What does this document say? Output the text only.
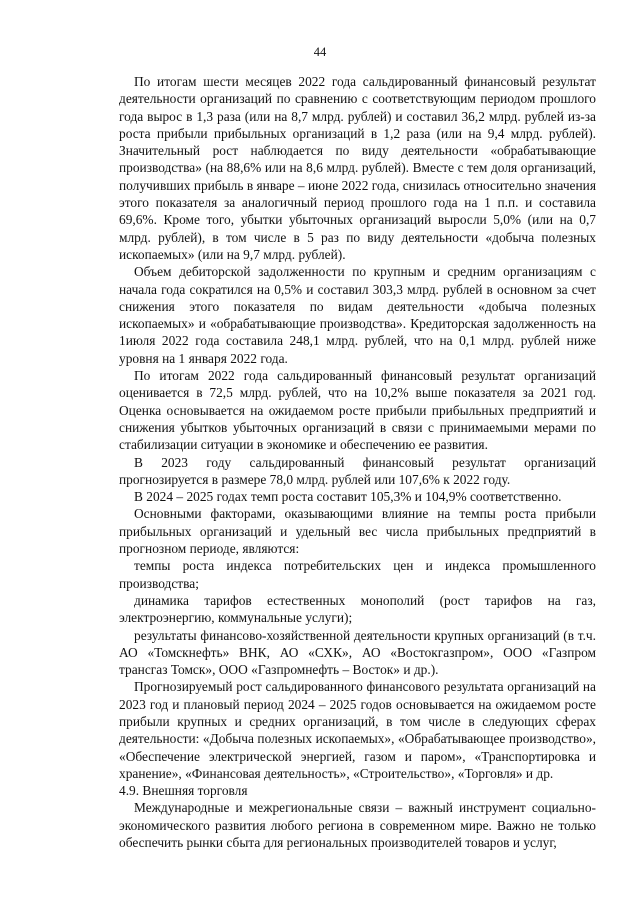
44

По итогам шести месяцев 2022 года сальдированный финансовый результат деятельности организаций по сравнению с соответствующим периодом прошлого года вырос в 1,3 раза (или на 8,7 млрд. рублей) и составил 36,2 млрд. рублей из-за роста прибыли прибыльных организаций в 1,2 раза (или на 9,4 млрд. рублей). Значительный рост наблюдается по виду деятельности «обрабатывающие производства» (на 88,6% или на 8,6 млрд. рублей). Вместе с тем доля организаций, получивших прибыль в январе – июне 2022 года, снизилась относительно значения этого показателя за аналогичный период прошлого года на 1 п.п. и составила 69,6%. Кроме того, убытки убыточных организаций выросли 5,0% (или на 0,7 млрд. рублей), в том числе в 5 раз по виду деятельности «добыча полезных ископаемых» (или на 9,7 млрд. рублей).

Объем дебиторской задолженности по крупным и средним организациям с начала года сократился на 0,5% и составил 303,3 млрд. рублей в основном за счет снижения этого показателя по видам деятельности «добыча полезных ископаемых» и «обрабатывающие производства». Кредиторская задолженность на 1июля 2022 года составила 248,1 млрд. рублей, что на 0,1 млрд. рублей ниже уровня на 1 января 2022 года.

По итогам 2022 года сальдированный финансовый результат организаций оценивается в 72,5 млрд. рублей, что на 10,2% выше показателя за 2021 год. Оценка основывается на ожидаемом росте прибыли прибыльных предприятий и снижения убытков убыточных организаций в связи с принимаемыми мерами по стабилизации ситуации в экономике и обеспечению ее развития.

В 2023 году сальдированный финансовый результат организаций прогнозируется в размере 78,0 млрд. рублей или 107,6% к 2022 году.

В 2024 – 2025 годах темп роста составит 105,3% и 104,9% соответственно.

Основными факторами, оказывающими влияние на темпы роста прибыли прибыльных организаций и удельный вес числа прибыльных предприятий в прогнозном периоде, являются:

темпы роста индекса потребительских цен и индекса промышленного производства;

динамика тарифов естественных монополий (рост тарифов на газ, электроэнергию, коммунальные услуги);

результаты финансово-хозяйственной деятельности крупных организаций (в т.ч. АО «Томскнефть» ВНК, АО «СХК», АО «Востокгазпром», ООО «Газпром трансгаз Томск», ООО «Газпромнефть – Восток» и др.).

Прогнозируемый рост сальдированного финансового результата организаций на 2023 год и плановый период 2024 – 2025 годов основывается на ожидаемом росте прибыли крупных и средних организаций, в том числе в следующих сферах деятельности: «Добыча полезных ископаемых», «Обрабатывающее производство», «Обеспечение электрической энергией, газом и паром», «Транспортировка и хранение», «Финансовая деятельность», «Строительство», «Торговля» и др.

4.9. Внешняя торговля

Международные и межрегиональные связи – важный инструмент социально-экономического развития любого региона в современном мире. Важно не только обеспечить рынки сбыта для региональных производителей товаров и услуг,
